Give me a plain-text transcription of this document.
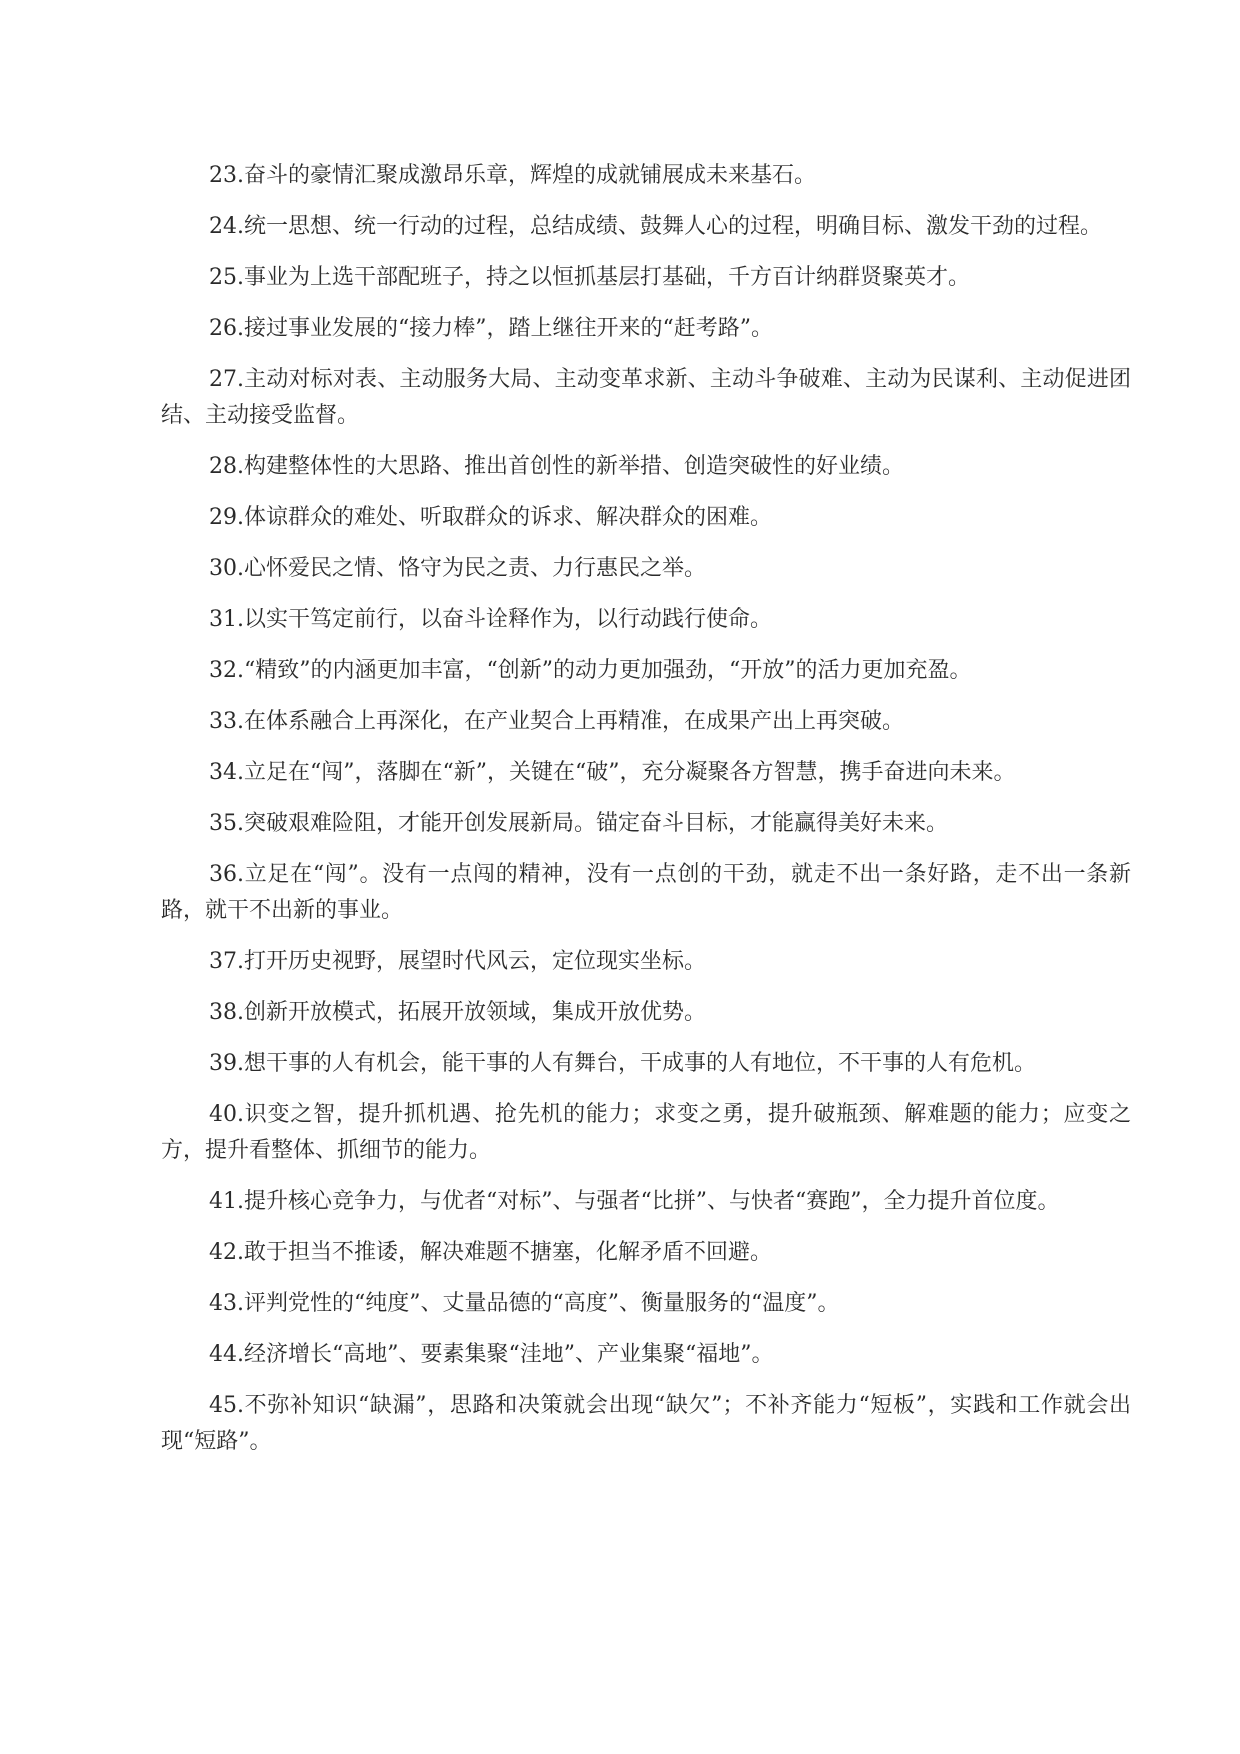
23.奋斗的豪情汇聚成激昂乐章，辉煌的成就铺展成未来基石。

24.统一思想、统一行动的过程，总结成绩、鼓舞人心的过程，明确目标、激发干劲的过程。

25.事业为上选干部配班子，持之以恒抓基层打基础，千方百计纳群贤聚英才。

26.接过事业发展的“接力棒”，踏上继往开来的“赶考路”。

27.主动对标对表、主动服务大局、主动变革求新、主动斗争破难、主动为民谋利、主动促进团结、主动接受监督。

28.构建整体性的大思路、推出首创性的新举措、创造突破性的好业绩。

29.体谅群众的难处、听取群众的诉求、解决群众的困难。

30.心怀爱民之情、恪守为民之责、力行惠民之举。

31.以实干笃定前行，以奋斗诠释作为，以行动践行使命。

32.“精致”的内涵更加丰富，“创新”的动力更加强劲，“开放”的活力更加充盈。

33.在体系融合上再深化，在产业契合上再精准，在成果产出上再突破。

34.立足在“闯”，落脚在“新”，关键在“破”，充分凝聚各方智慧，携手奋进向未来。

35.突破艰难险阻，才能开创发展新局。锚定奋斗目标，才能赢得美好未来。

36.立足在“闯”。没有一点闯的精神，没有一点创的干劲，就走不出一条好路，走不出一条新路，就干不出新的事业。

37.打开历史视野，展望时代风云，定位现实坐标。

38.创新开放模式，拓展开放领域，集成开放优势。

39.想干事的人有机会，能干事的人有舞台，干成事的人有地位，不干事的人有危机。

40.识变之智，提升抓机遇、抢先机的能力；求变之勇，提升破瓶颈、解难题的能力；应变之方，提升看整体、抓细节的能力。

41.提升核心竞争力，与优者“对标”、与强者“比拼”、与快者“赛跑”，全力提升首位度。

42.敢于担当不推诿，解决难题不搪塞，化解矛盾不回避。

43.评判党性的“纯度”、丈量品德的“高度”、衡量服务的“温度”。

44.经济增长“高地”、要素集聚“洼地”、产业集聚“福地”。

45.不弥补知识“缺漏”，思路和决策就会出现“缺欠”；不补齐能力“短板”，实践和工作就会出现“短路”。
